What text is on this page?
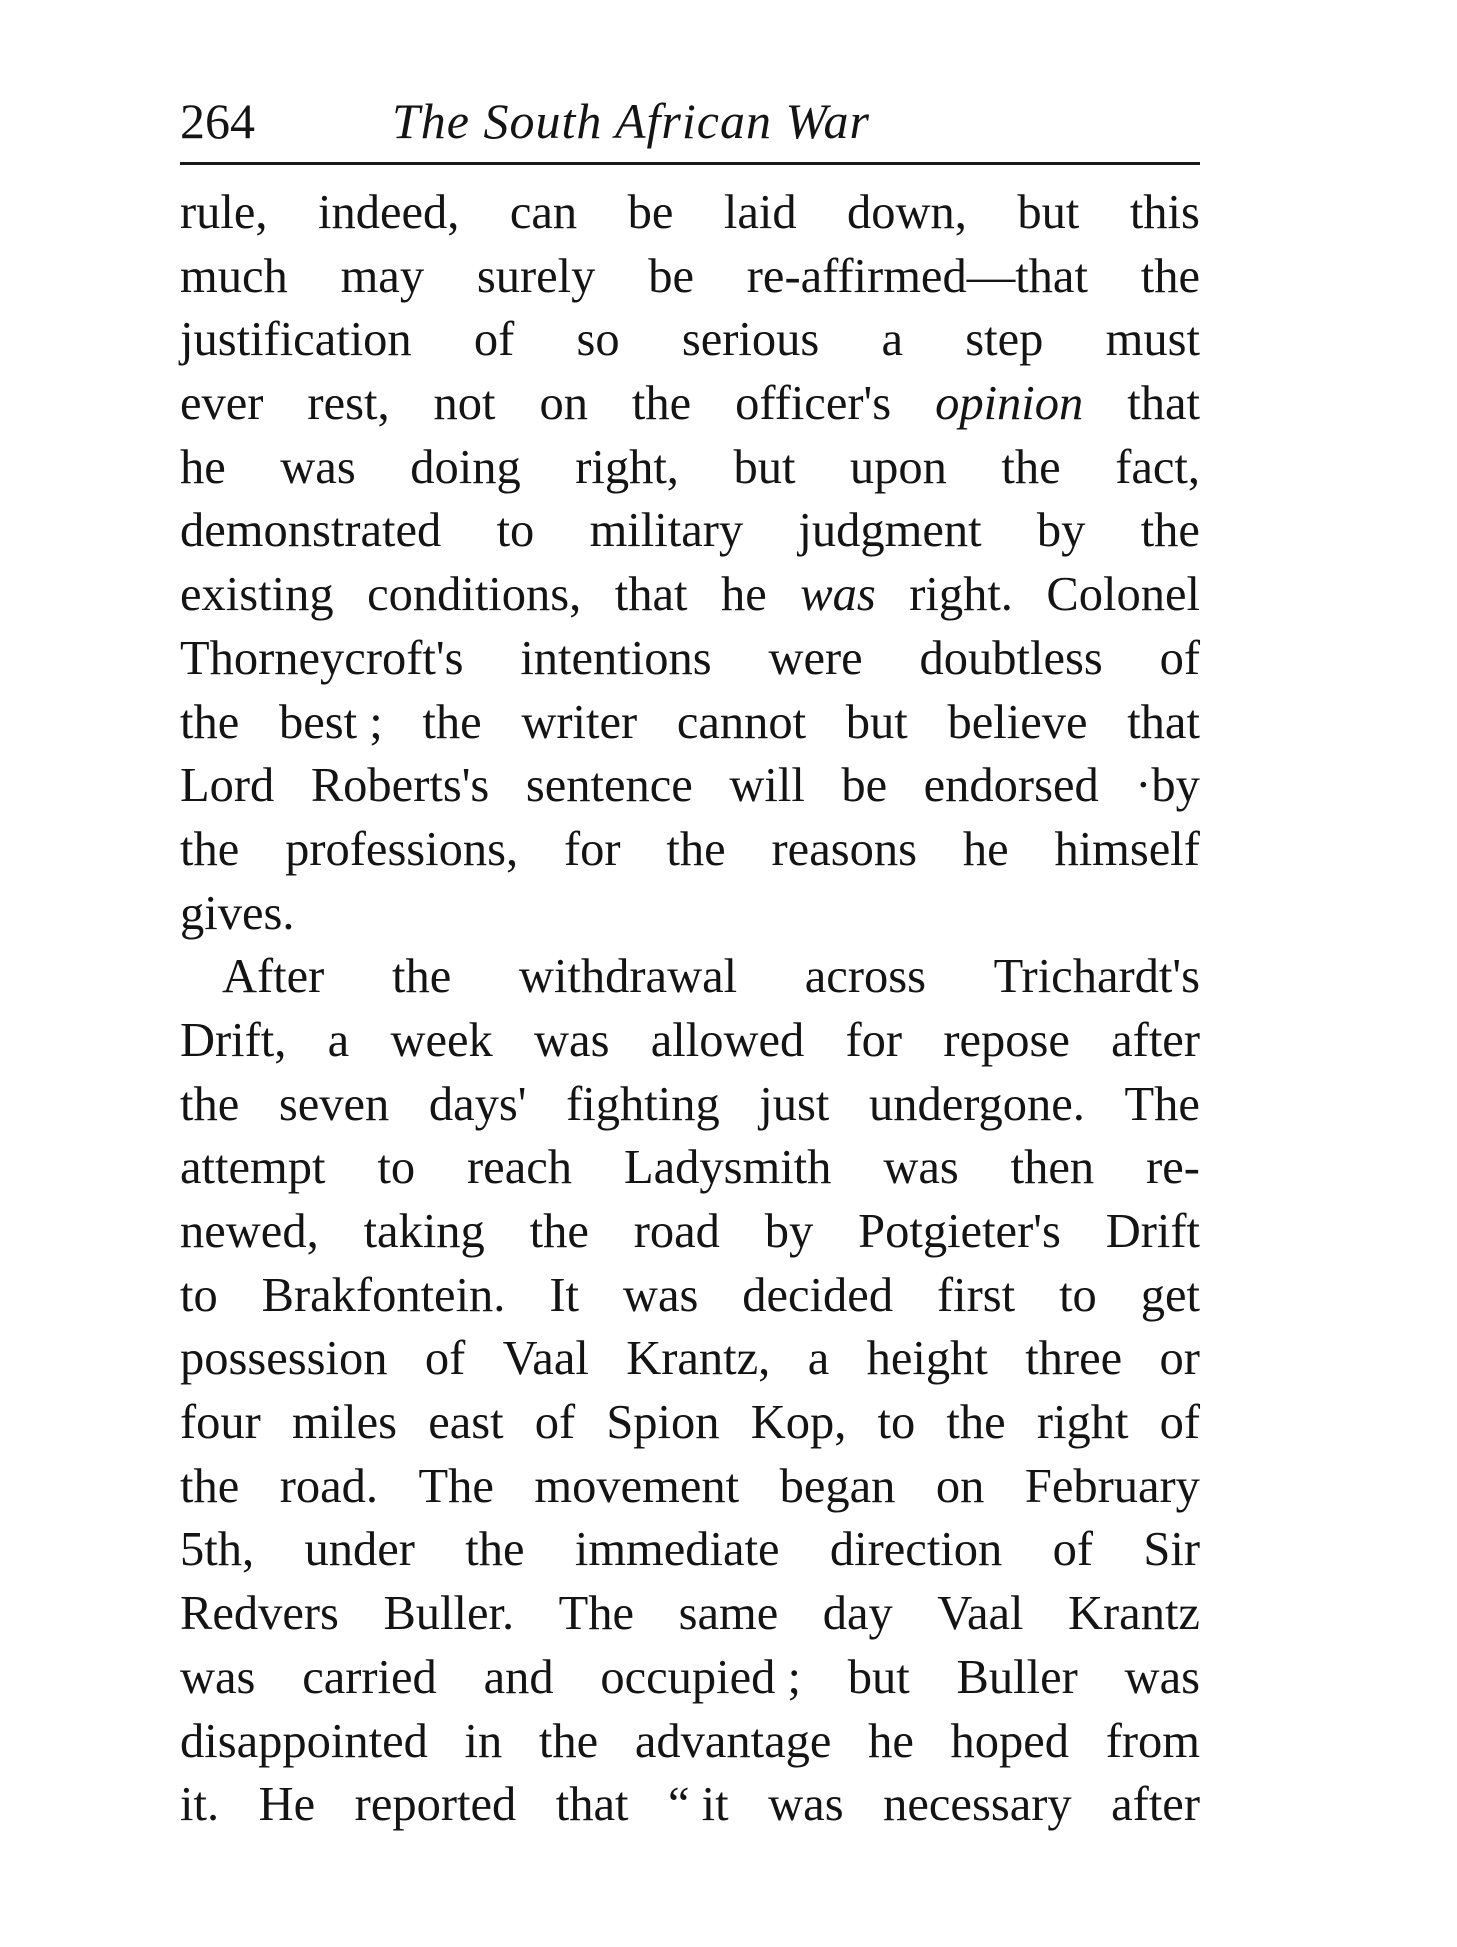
264	The South African War
rule, indeed, can be laid down, but this
much may surely be re-affirmed—that the
justification of so serious a step must
ever rest, not on the officer's opinion that
he was doing right, but upon the fact,
demonstrated to military judgment by the
existing conditions, that he was right. Colonel
Thorneycroft's intentions were doubtless of
the best ; the writer cannot but believe that
Lord Roberts's sentence will be endorsed ·by
the professions, for the reasons he himself
gives.
After the withdrawal across Trichardt's
Drift, a week was allowed for repose after
the seven days' fighting just undergone. The
attempt to reach Ladysmith was then re-
newed, taking the road by Potgieter's Drift
to Brakfontein. It was decided first to get
possession of Vaal Krantz, a height three or
four miles east of Spion Kop, to the right of
the road. The movement began on February
5th, under the immediate direction of Sir
Redvers Buller. The same day Vaal Krantz
was carried and occupied ; but Buller was
disappointed in the advantage he hoped from
it. He reported that “ it was necessary after
